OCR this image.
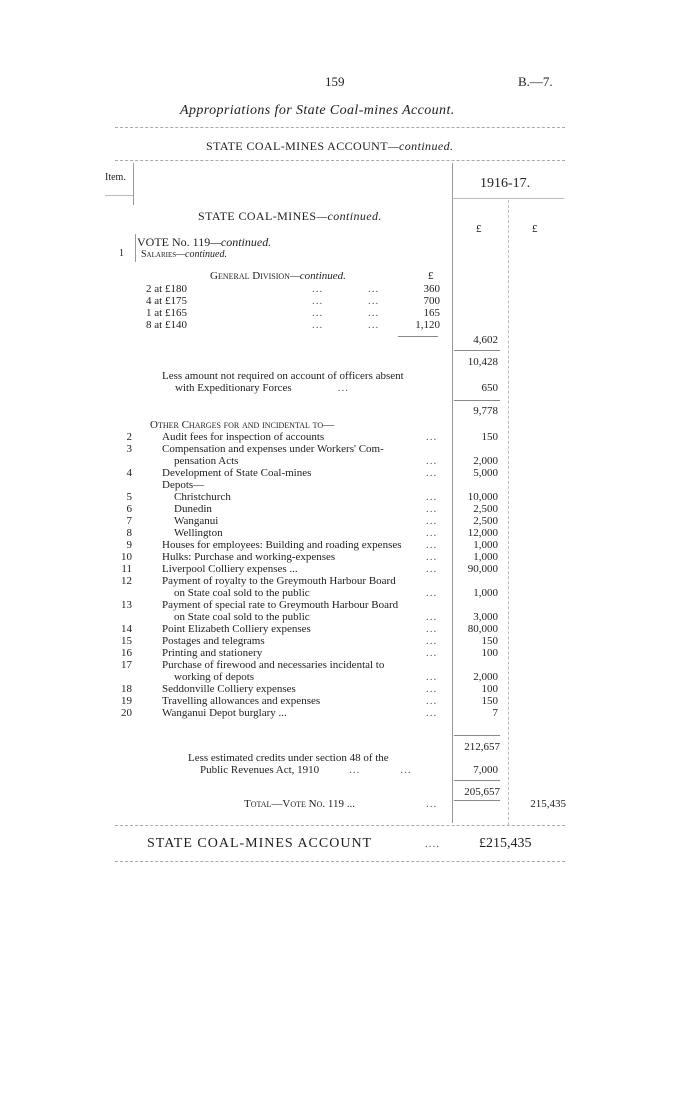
159	B.—7.
Appropriations for State Coal-mines Account.
STATE COAL-MINES ACCOUNT—continued.
Item.	1916-17.
£	£
STATE COAL-MINES—continued.
1
VOTE No. 119—continued.
Salaries—continued.
General Division—continued.	£
2 at £180	...	...	360
4 at £175	...	...	700
1 at £165	...	...	165
8 at £140	...	...	1,120
4,602
10,428
Less amount not required on account of officers absent
with Expeditionary Forces	...	650
9,778
Other Charges for and incidental to—
2	Audit fees for inspection of accounts	...	150
3	Compensation and expenses under Workers' Com-
pensation Acts	...	2,000
4	Development of State Coal-mines	...	5,000
Depots—
5	Christchurch	...	10,000
6	Dunedin	...	2,500
7	Wanganui	...	2,500
8	Wellington	...	12,000
9	Houses for employees: Building and roading expenses ...	1,000
10	Hulks: Purchase and working-expenses	...	1,000
11	Liverpool Colliery expenses ...	...	90,000
12	Payment of royalty to the Greymouth Harbour Board
on State coal sold to the public	...	1,000
13	Payment of special rate to Greymouth Harbour Board
on State coal sold to the public	...	3,000
14	Point Elizabeth Colliery expenses	...	80,000
15	Postages and telegrams	...	150
16	Printing and stationery	...	100
17	Purchase of firewood and necessaries incidental to
working of depots	...	2,000
18	Seddonville Colliery expenses	...	100
19	Travelling allowances and expenses	...	150
20	Wanganui Depot burglary ...	...	7
212,657
Less estimated credits under section 48 of the
Public Revenues Act, 1910	...	...	7,000
205,657
Total—Vote No. 119 ...	...	215,435
STATE COAL-MINES ACCOUNT	....	£215,435
